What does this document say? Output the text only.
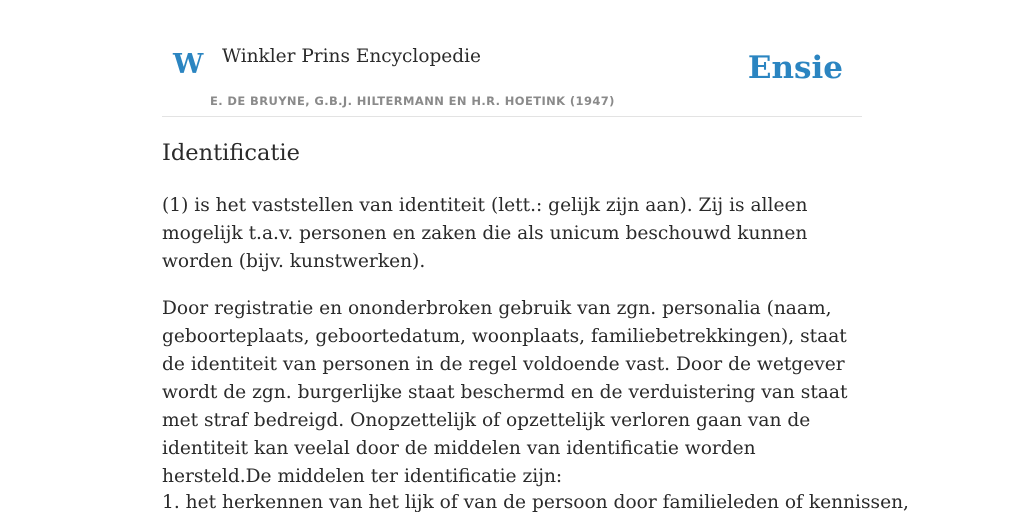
W Winkler Prins Encyclopedie
E. DE BRUYNE, G.B.J. HILTERMANN EN H.R. HOETINK (1947)
Ensie
Identificatie

(1) is het vaststellen van identiteit (lett.: gelijk zijn aan). Zij is alleen mogelijk t.a.v. personen en zaken die als unicum beschouwd kunnen worden (bijv. kunstwerken).

Door registratie en ononderbroken gebruik van zgn. personalia (naam, geboorteplaats, geboortedatum, woonplaats, familiebetrekkingen), staat de identiteit van personen in de regel voldoende vast. Door de wetgever wordt de zgn. burgerlijke staat beschermd en de verduistering van staat met straf bedreigd. Onopzettelijk of opzettelijk verloren gaan van de identiteit kan veelal door de middelen van identificatie worden hersteld.De middelen ter identificatie zijn:

1. het herkennen van het lijk of van de persoon door familieleden of kennissen,
